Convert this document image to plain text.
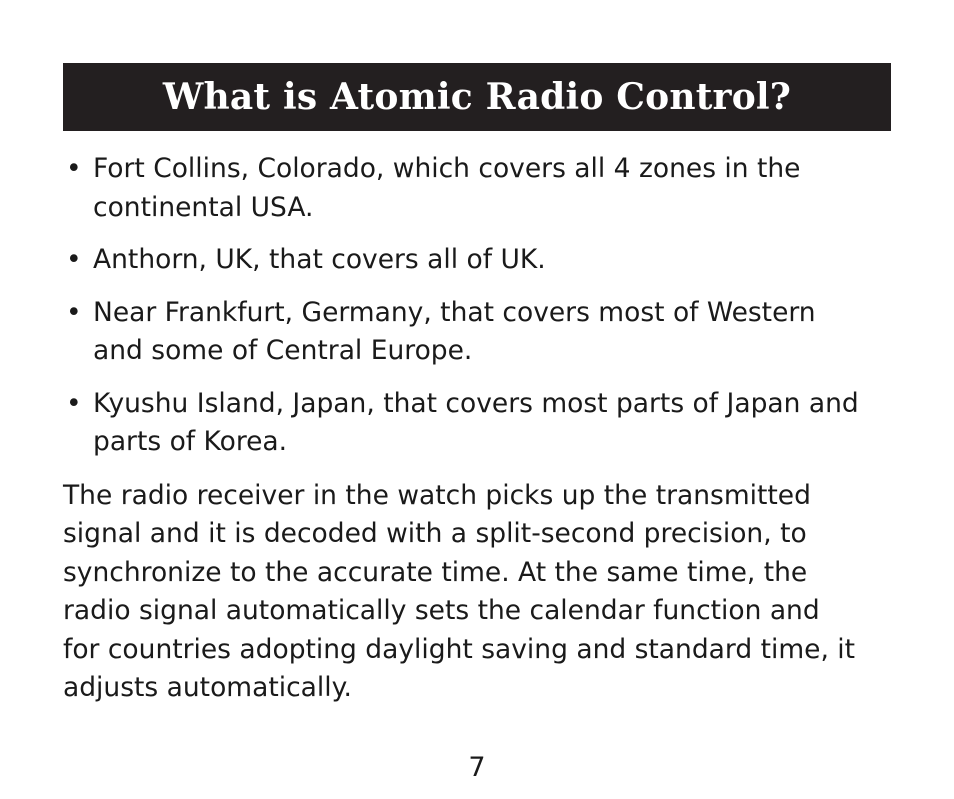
What is Atomic Radio Control?
• Fort Collins, Colorado, which covers all 4 zones in the continental USA.
• Anthorn, UK, that covers all of UK.
• Near Frankfurt, Germany, that covers most of Western and some of Central Europe.
• Kyushu Island, Japan, that covers most parts of Japan and parts of Korea.
The radio receiver in the watch picks up the transmitted signal and it is decoded with a split-second precision, to synchronize to the accurate time. At the same time, the radio signal automatically sets the calendar function and for countries adopting daylight saving and standard time, it adjusts automatically.
7
